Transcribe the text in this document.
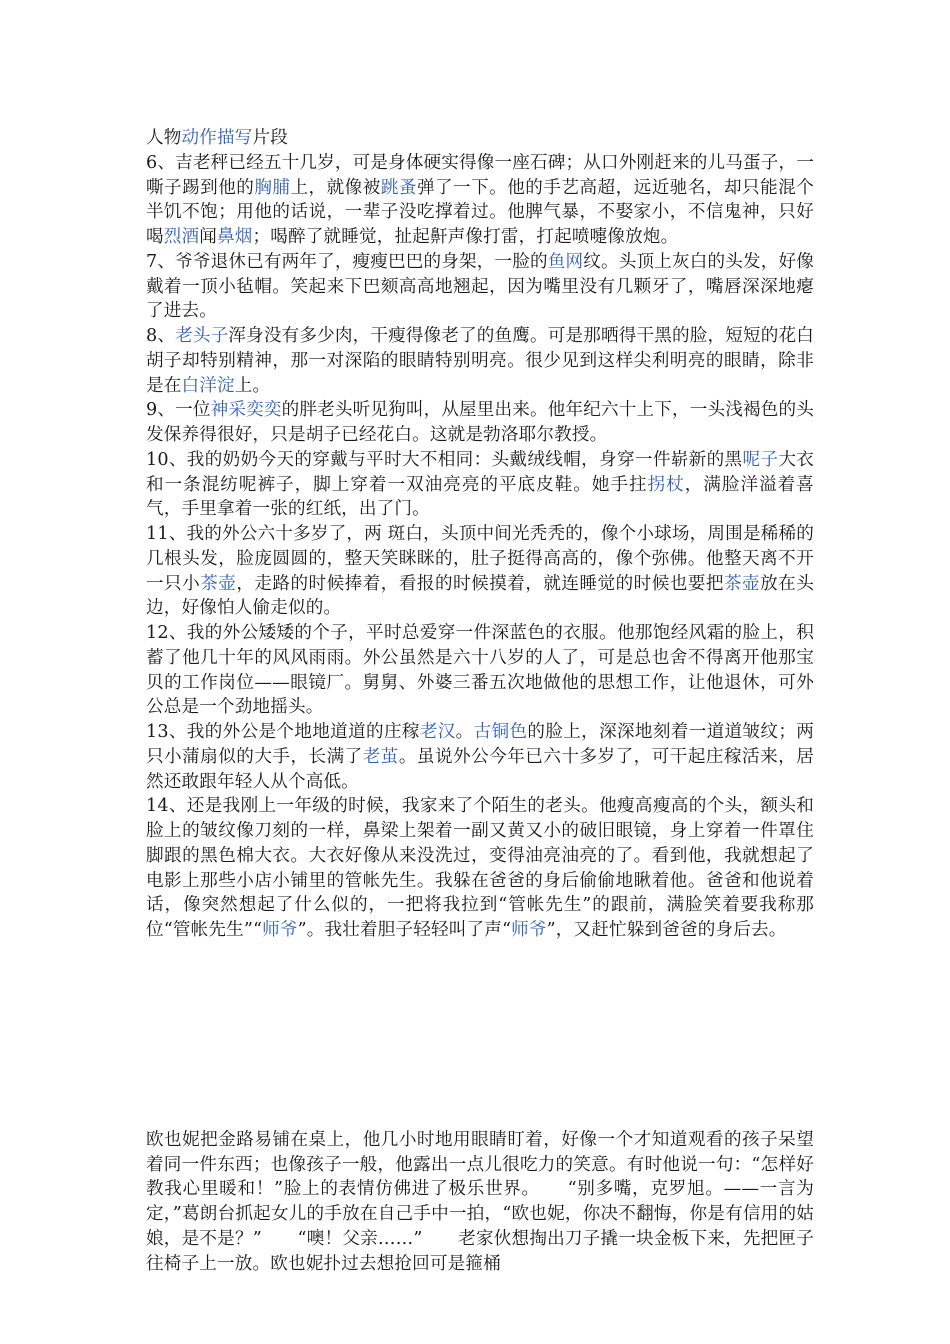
人物动作描写片段

6、吉老秤已经五十几岁，可是身体硬实得像一座石碑；从口外刚赶来的儿马蛋子，一嘶子踢到他的胸脯上，就像被跳蚤弹了一下。他的手艺高超，远近驰名，却只能混个半饥不饱；用他的话说，一辈子没吃撑着过。他脾气暴，不娶家小，不信鬼神，只好喝烈酒闻鼻烟；喝醉了就睡觉，扯起鼾声像打雷，打起喷嚏像放炮。

7、爷爷退休已有两年了，瘦瘦巴巴的身架，一脸的鱼网纹。头顶上灰白的头发，好像戴着一顶小毡帽。笑起来下巴颏高高地翘起，因为嘴里没有几颗牙了，嘴唇深深地瘪了进去。

8、老头子浑身没有多少肉，干瘦得像老了的鱼鹰。可是那晒得干黑的脸，短短的花白胡子却特别精神，那一对深陷的眼睛特别明亮。很少见到这样尖利明亮的眼睛，除非是在白洋淀上。

9、一位神采奕奕的胖老头听见狗叫，从屋里出来。他年纪六十上下，一头浅褐色的头发保养得很好，只是胡子已经花白。这就是勃洛耶尔教授。

10、我的奶奶今天的穿戴与平时大不相同：头戴绒线帽，身穿一件崭新的黑呢子大衣和一条混纺呢裤子，脚上穿着一双油亮亮的平底皮鞋。她手拄拐杖，满脸洋溢着喜气，手里拿着一张的红纸，出了门。

11、我的外公六十多岁了，两 斑白，头顶中间光秃秃的，像个小球场，周围是稀稀的几根头发，脸庞圆圆的，整天笑眯眯的，肚子挺得高高的，像个弥佛。他整天离不开一只小茶壶，走路的时候捧着，看报的时候摸着，就连睡觉的时候也要把茶壶放在头边，好像怕人偷走似的。

12、我的外公矮矮的个子，平时总爱穿一件深蓝色的衣服。他那饱经风霜的脸上，积蓄了他几十年的风风雨雨。外公虽然是六十八岁的人了，可是总也舍不得离开他那宝贝的工作岗位——眼镜厂。舅舅、外婆三番五次地做他的思想工作，让他退休，可外公总是一个劲地摇头。

13、我的外公是个地地道道的庄稼老汉。古铜色的脸上，深深地刻着一道道皱纹；两只小蒲扇似的大手，长满了老茧。虽说外公今年已六十多岁了，可干起庄稼活来，居然还敢跟年轻人从个高低。

14、还是我刚上一年级的时候，我家来了个陌生的老头。他瘦高瘦高的个头，额头和脸上的皱纹像刀刻的一样，鼻梁上架着一副又黄又小的破旧眼镜，身上穿着一件罩住脚跟的黑色棉大衣。大衣好像从来没洗过，变得油亮油亮的了。看到他，我就想起了电影上那些小店小铺里的管帐先生。我躲在爸爸的身后偷偷地瞅着他。爸爸和他说着话，像突然想起了什么似的，一把将我拉到“管帐先生”的跟前，满脸笑着要我称那位“管帐先生”“师爷”。我壮着胆子轻轻叫了声“师爷”，又赶忙躲到爸爸的身后去。

欧也妮把金路易铺在桌上，他几小时地用眼睛盯着，好像一个才知道观看的孩子呆望着同一件东西；也像孩子一般，他露出一点儿很吃力的笑意。有时他说一句：“怎样好教我心里暖和！”脸上的表情仿佛进了极乐世界。　　“别多嘴，克罗旭。——一言为定，”葛朗台抓起女儿的手放在自己手中一拍，“欧也妮，你决不翻悔，你是有信用的姑娘，是不是？”　　“噢！父亲……”　　老家伙想掏出刀子撬一块金板下来，先把匣子往椅子上一放。欧也妮扑过去想抢回可是箍桶
